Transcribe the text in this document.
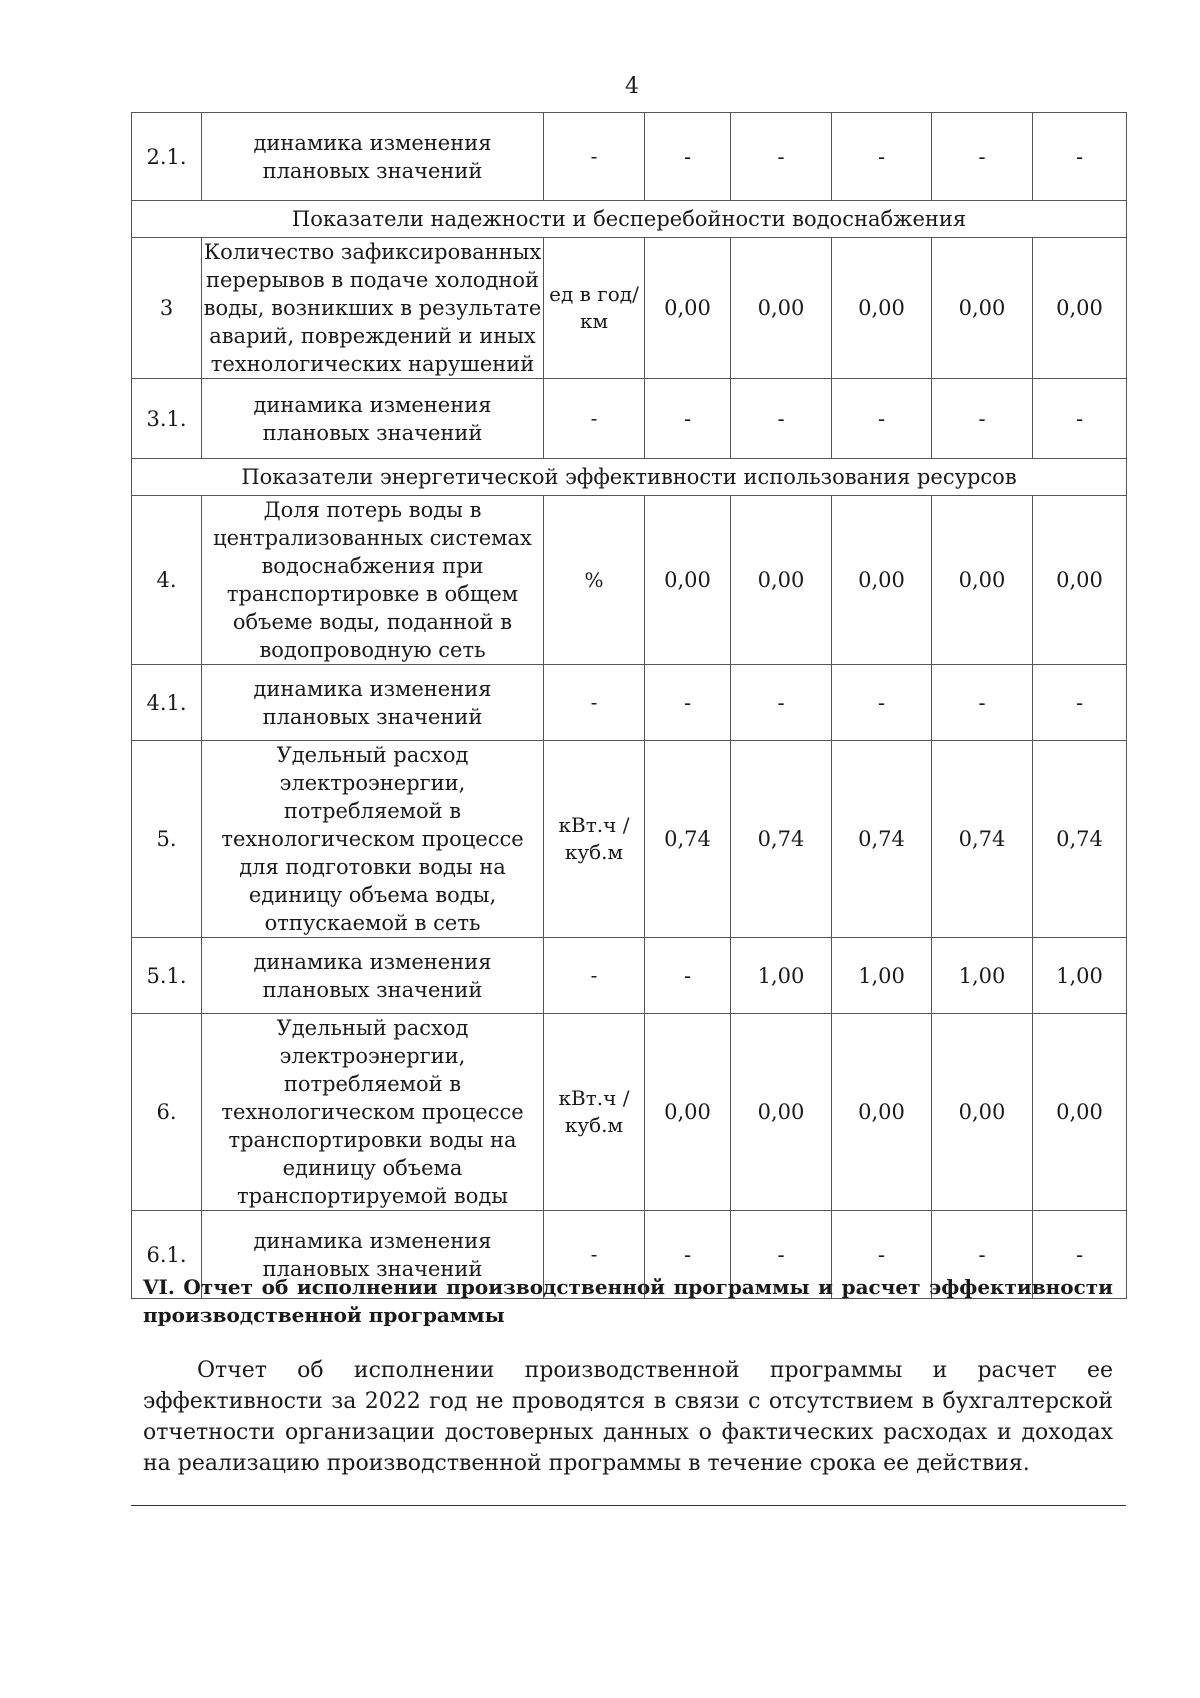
4
2.1.	динамика изменения плановых значений	-	-	-	-	-	-
Показатели надежности и бесперебойности водоснабжения							
3	Количество зафиксированных перерывов в подаче холодной воды, возникших в результате аварий, повреждений и иных технологических нарушений	ед в год/ км	0,00	0,00	0,00	0,00	0,00
3.1.	динамика изменения плановых значений	-	-	-	-	-	-
Показатели энергетической эффективности использования ресурсов							
4.	Доля потерь воды в централизованных системах водоснабжения при транспортировке в общем объеме воды, поданной в водопроводную сеть	%	0,00	0,00	0,00	0,00	0,00
4.1.	динамика изменения плановых значений	-	-	-	-	-	-
5.	Удельный расход электроэнергии, потребляемой в технологическом процессе для подготовки воды на единицу объема воды, отпускаемой в сеть	кВт.ч / куб.м	0,74	0,74	0,74	0,74	0,74
5.1.	динамика изменения плановых значений	-	-	1,00	1,00	1,00	1,00
6.	Удельный расход электроэнергии, потребляемой в технологическом процессе транспортировки воды на единицу объема транспортируемой воды	кВт.ч / куб.м	0,00	0,00	0,00	0,00	0,00
6.1.	динамика изменения плановых значений	-	-	-	-	-	-
VI. Отчет об исполнении производственной программы и расчет эффективности
производственной программы
Отчет об исполнении производственной программы и расчет ее эффективности за 2022 год не проводятся в связи с отсутствием в бухгалтерской отчетности организации достоверных данных о фактических расходах и доходах на реализацию производственной программы в течение срока ее действия.
